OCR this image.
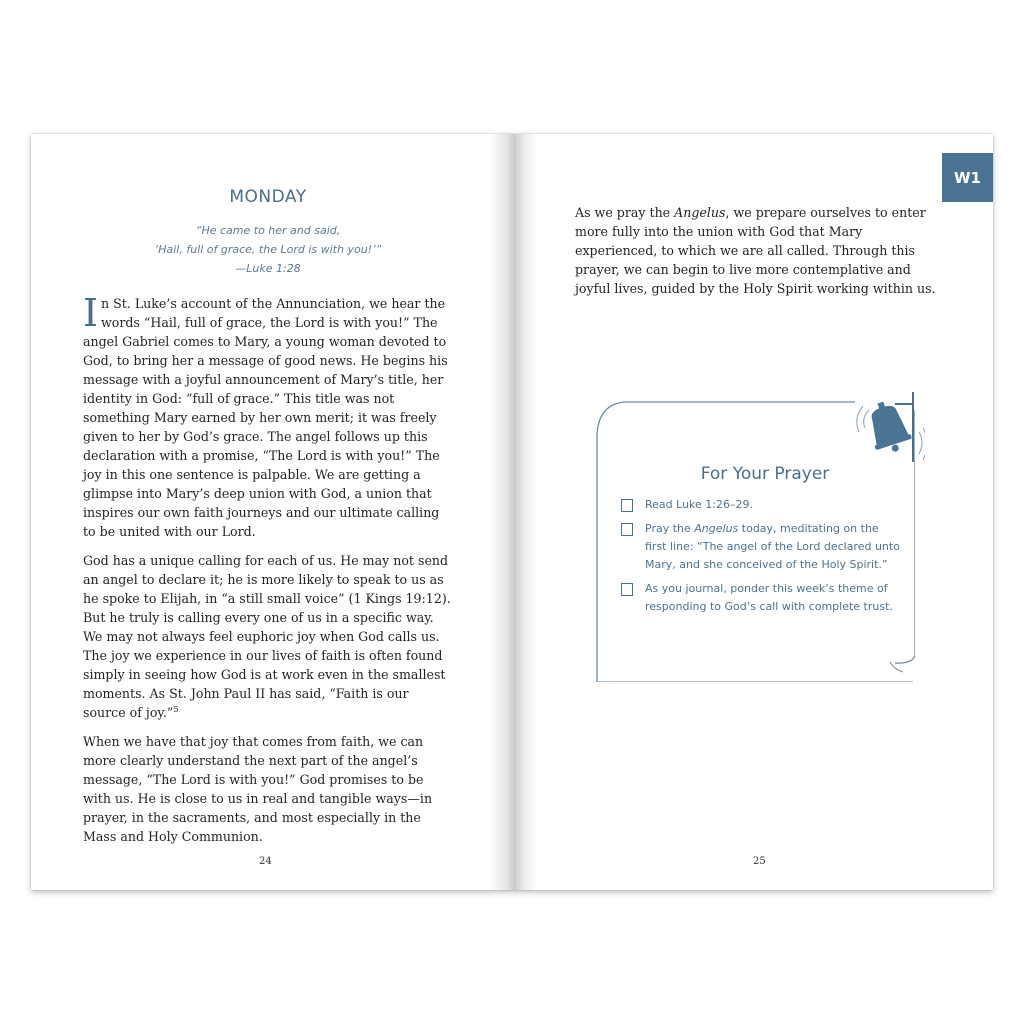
MONDAY
“He came to her and said,
‘Hail, full of grace, the Lord is with you!’”
—Luke 1:28

In St. Luke’s account of the Annunciation, we hear the words “Hail, full of grace, the Lord is with you!” The angel Gabriel comes to Mary, a young woman devoted to God, to bring her a message of good news. He begins his message with a joyful announcement of Mary’s title, her identity in God: “full of grace.” This title was not something Mary earned by her own merit; it was freely given to her by God’s grace. The angel follows up this declaration with a promise, “The Lord is with you!” The joy in this one sentence is palpable. We are getting a glimpse into Mary’s deep union with God, a union that inspires our own faith journeys and our ultimate calling to be united with our Lord.

God has a unique calling for each of us. He may not send an angel to declare it; he is more likely to speak to us as he spoke to Elijah, in “a still small voice” (1 Kings 19:12). But he truly is calling every one of us in a specific way. We may not always feel euphoric joy when God calls us. The joy we experience in our lives of faith is often found simply in seeing how God is at work even in the smallest moments. As St. John Paul II has said, “Faith is our source of joy.”$^5$

When we have that joy that comes from faith, we can more clearly understand the next part of the angel’s message, “The Lord is with you!” God promises to be with us. He is close to us in real and tangible ways—in prayer, in the sacraments, and most especially in the Mass and Holy Communion.

24
W1
As we pray the Angelus, we prepare ourselves to enter more fully into the union with God that Mary experienced, to which we are all called. Through this prayer, we can begin to live more contemplative and joyful lives, guided by the Holy Spirit working within us.
For Your Prayer
Read Luke 1:26–29.
Pray the Angelus today, meditating on the first line: “The angel of the Lord declared unto Mary, and she conceived of the Holy Spirit.”
As you journal, ponder this week’s theme of responding to God’s call with complete trust.
25
